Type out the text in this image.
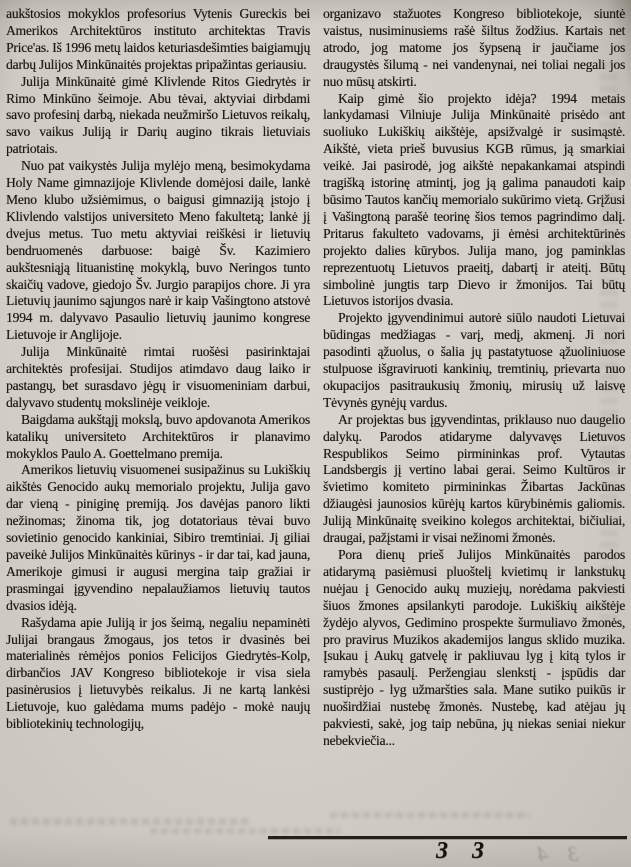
aukštosios mokyklos profesorius Vytenis Gureckis bei Amerikos Architektūros instituto architektas Travis Price'as. Iš 1996 metų laidos keturiasdešimties baigiamųjų darbų Julijos Minkūnaitės projektas pripažintas geriausiu.

Julija Minkūnaitė gimė Klivlende Ritos Giedrytės ir Rimo Minkūno šeimoje. Abu tėvai, aktyviai dirbdami savo profesinį darbą, niekada neužmiršo Lietuvos reikalų, savo vaikus Juliją ir Darių augino tikrais lietuviais patriotais.

Nuo pat vaikystės Julija mylėjo meną, besimokydama Holy Name gimnazijoje Klivlende domėjosi daile, lankė Meno klubo užsiėmimus, o baigusi gimnaziją įstojo į Klivlendo valstijos universiteto Meno fakultetą; lankė jį dvejus metus. Tuo metu aktyviai reiškėsi ir lietuvių bendruomenės darbuose: baigė Šv. Kazimiero aukštesniąją lituanistinę mokyklą, buvo Neringos tunto skaičių vadove, giedojo Šv. Jurgio parapijos chore. Ji yra Lietuvių jaunimo sąjungos narė ir kaip Vašingtono atstovė 1994 m. dalyvavo Pasaulio lietuvių jaunimo kongrese Lietuvoje ir Anglijoje.

Julija Minkūnaitė rimtai ruošėsi pasirinktajai architektės profesijai. Studijos atimdavo daug laiko ir pastangų, bet surasdavo jėgų ir visuomeniniam darbui, dalyvavo studentų mokslinėje veikloje.

Baigdama aukštąjį mokslą, buvo apdovanota Amerikos katalikų universiteto Architektūros ir planavimo mokyklos Paulo A. Goettelmano premija.

Amerikos lietuvių visuomenei susipažinus su Lukiškių aikštės Genocido aukų memorialo projektu, Julija gavo dar vieną - piniginę premiją. Jos davėjas panoro likti nežinomas; žinoma tik, jog dotatoriaus tėvai buvo sovietinio genocido kankiniai, Sibiro tremtiniai. Jį giliai paveikė Julijos Minkūnaitės kūrinys - ir dar tai, kad jauna, Amerikoje gimusi ir augusi mergina taip gražiai ir prasmingai įgyvendino nepalaužiamos lietuvių tautos dvasios idėją.

Rašydama apie Juliją ir jos šeimą, negaliu nepaminėti Julijai brangaus žmogaus, jos tetos ir dvasinės bei materialinės rėmėjos ponios Felicijos Giedrytės-Kolp, dirbančios JAV Kongreso bibliotekoje ir visa siela pasinėrusios į lietuvybės reikalus. Ji ne kartą lankėsi Lietuvoje, kuo galėdama mums padėjo - mokė naujų bibliotekinių technologijų,

organizavo stažuotes Kongreso bibliotekoje, siuntė vaistus, nusiminusiems rašė šiltus žodžius. Kartais net atrodo, jog matome jos šypseną ir jaučiame jos draugystės šilumą - nei vandenynai, nei toliai negali jos nuo mūsų atskirti.

Kaip gimė šio projekto idėja? 1994 metais lankydamasi Vilniuje Julija Minkūnaitė prisėdo ant suoliuko Lukiškių aikštėje, apsižvalgė ir susimąstė. Aikštė, vieta prieš buvusius KGB rūmus, ją smarkiai veikė. Jai pasirodė, jog aikštė nepakankamai atspindi tragišką istorinę atmintį, jog ją galima panaudoti kaip būsimo Tautos kančių memorialo sukūrimo vietą. Grįžusi į Vašingtoną parašė teorinę šios temos pagrindimo dalį. Pritarus fakulteto vadovams, ji ėmėsi architektūrinės projekto dalies kūrybos. Julija mano, jog paminklas reprezentuotų Lietuvos praeitį, dabartį ir ateitį. Būtų simbolinė jungtis tarp Dievo ir žmonijos. Tai būtų Lietuvos istorijos dvasia.

Projekto įgyvendinimui autorė siūlo naudoti Lietuvai būdingas medžiagas - varį, medį, akmenį. Ji nori pasodinti ąžuolus, o šalia jų pastatytuose ąžuoliniuose stulpuose išgraviruoti kankinių, tremtinių, prievarta nuo okupacijos pasitraukusių žmonių, mirusių už laisvę Tėvynės gynėjų vardus.

Ar projektas bus įgyvendintas, priklauso nuo daugelio dalykų. Parodos atidaryme dalyvavęs Lietuvos Respublikos Seimo pirmininkas prof. Vytautas Landsbergis jį vertino labai gerai. Seimo Kultūros ir švietimo komiteto pirmininkas Žibartas Jackūnas džiaugėsi jaunosios kūrėjų kartos kūrybinėmis galiomis. Juliją Minkūnaitę sveikino kolegos architektai, bičiuliai, draugai, pažįstami ir visai nežinomi žmonės.

Pora dienų prieš Julijos Minkūnaitės parodos atidarymą pasiėmusi pluoštelį kvietimų ir lankstukų nuėjau į Genocido aukų muziejų, norėdama pakviesti šiuos žmones apsilankyti parodoje. Lukiškių aikštėje žydėjo alyvos, Gedimino prospekte šurmuliavo žmonės, pro pravirus Muzikos akademijos langus sklido muzika. Įsukau į Aukų gatvelę ir pakliuvau lyg į kitą tylos ir ramybės pasaulį. Peržengiau slenkstį - įspūdis dar sustiprėjo - lyg užmaršties sala. Mane sutiko puikūs ir nuoširdžiai nustebę žmonės. Nustebę, kad atėjau jų pakviesti, sakė, jog taip nebūna, jų niekas seniai niekur nebekviečia...

3 3 3 4
